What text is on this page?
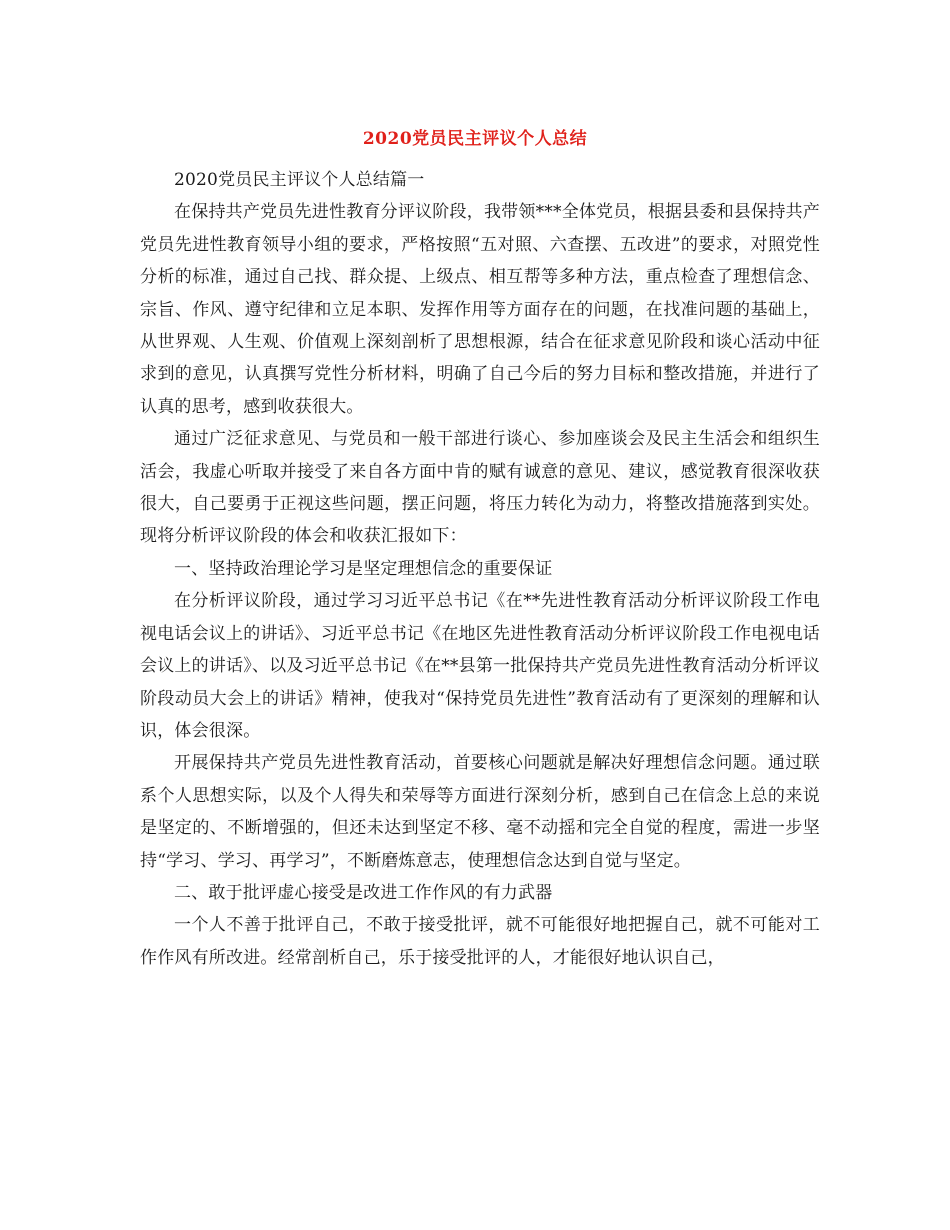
2020党员民主评议个人总结

2020党员民主评议个人总结篇一

在保持共产党员先进性教育分评议阶段，我带领***全体党员，根据县委和县保持共产党员先进性教育领导小组的要求，严格按照“五对照、六查摆、五改进”的要求，对照党性分析的标准，通过自己找、群众提、上级点、相互帮等多种方法，重点检查了理想信念、宗旨、作风、遵守纪律和立足本职、发挥作用等方面存在的问题，在找准问题的基础上，从世界观、人生观、价值观上深刻剖析了思想根源，结合在征求意见阶段和谈心活动中征求到的意见，认真撰写党性分析材料，明确了自己今后的努力目标和整改措施，并进行了认真的思考，感到收获很大。

通过广泛征求意见、与党员和一般干部进行谈心、参加座谈会及民主生活会和组织生活会，我虚心听取并接受了来自各方面中肯的赋有诚意的意见、建议，感觉教育很深收获很大，自己要勇于正视这些问题，摆正问题，将压力转化为动力，将整改措施落到实处。现将分析评议阶段的体会和收获汇报如下：

一、坚持政治理论学习是坚定理想信念的重要保证

在分析评议阶段，通过学习习近平总书记《在**先进性教育活动分析评议阶段工作电视电话会议上的讲话》、习近平总书记《在地区先进性教育活动分析评议阶段工作电视电话会议上的讲话》、以及习近平总书记《在**县第一批保持共产党员先进性教育活动分析评议阶段动员大会上的讲话》精神，使我对“保持党员先进性”教育活动有了更深刻的理解和认识，体会很深。

开展保持共产党员先进性教育活动，首要核心问题就是解决好理想信念问题。通过联系个人思想实际，以及个人得失和荣辱等方面进行深刻分析，感到自己在信念上总的来说是坚定的、不断增强的，但还未达到坚定不移、毫不动摇和完全自觉的程度，需进一步坚持“学习、学习、再学习”，不断磨炼意志，使理想信念达到自觉与坚定。

二、敢于批评虚心接受是改进工作作风的有力武器

一个人不善于批评自己，不敢于接受批评，就不可能很好地把握自己，就不可能对工作作风有所改进。经常剖析自己，乐于接受批评的人，才能很好地认识自己，
